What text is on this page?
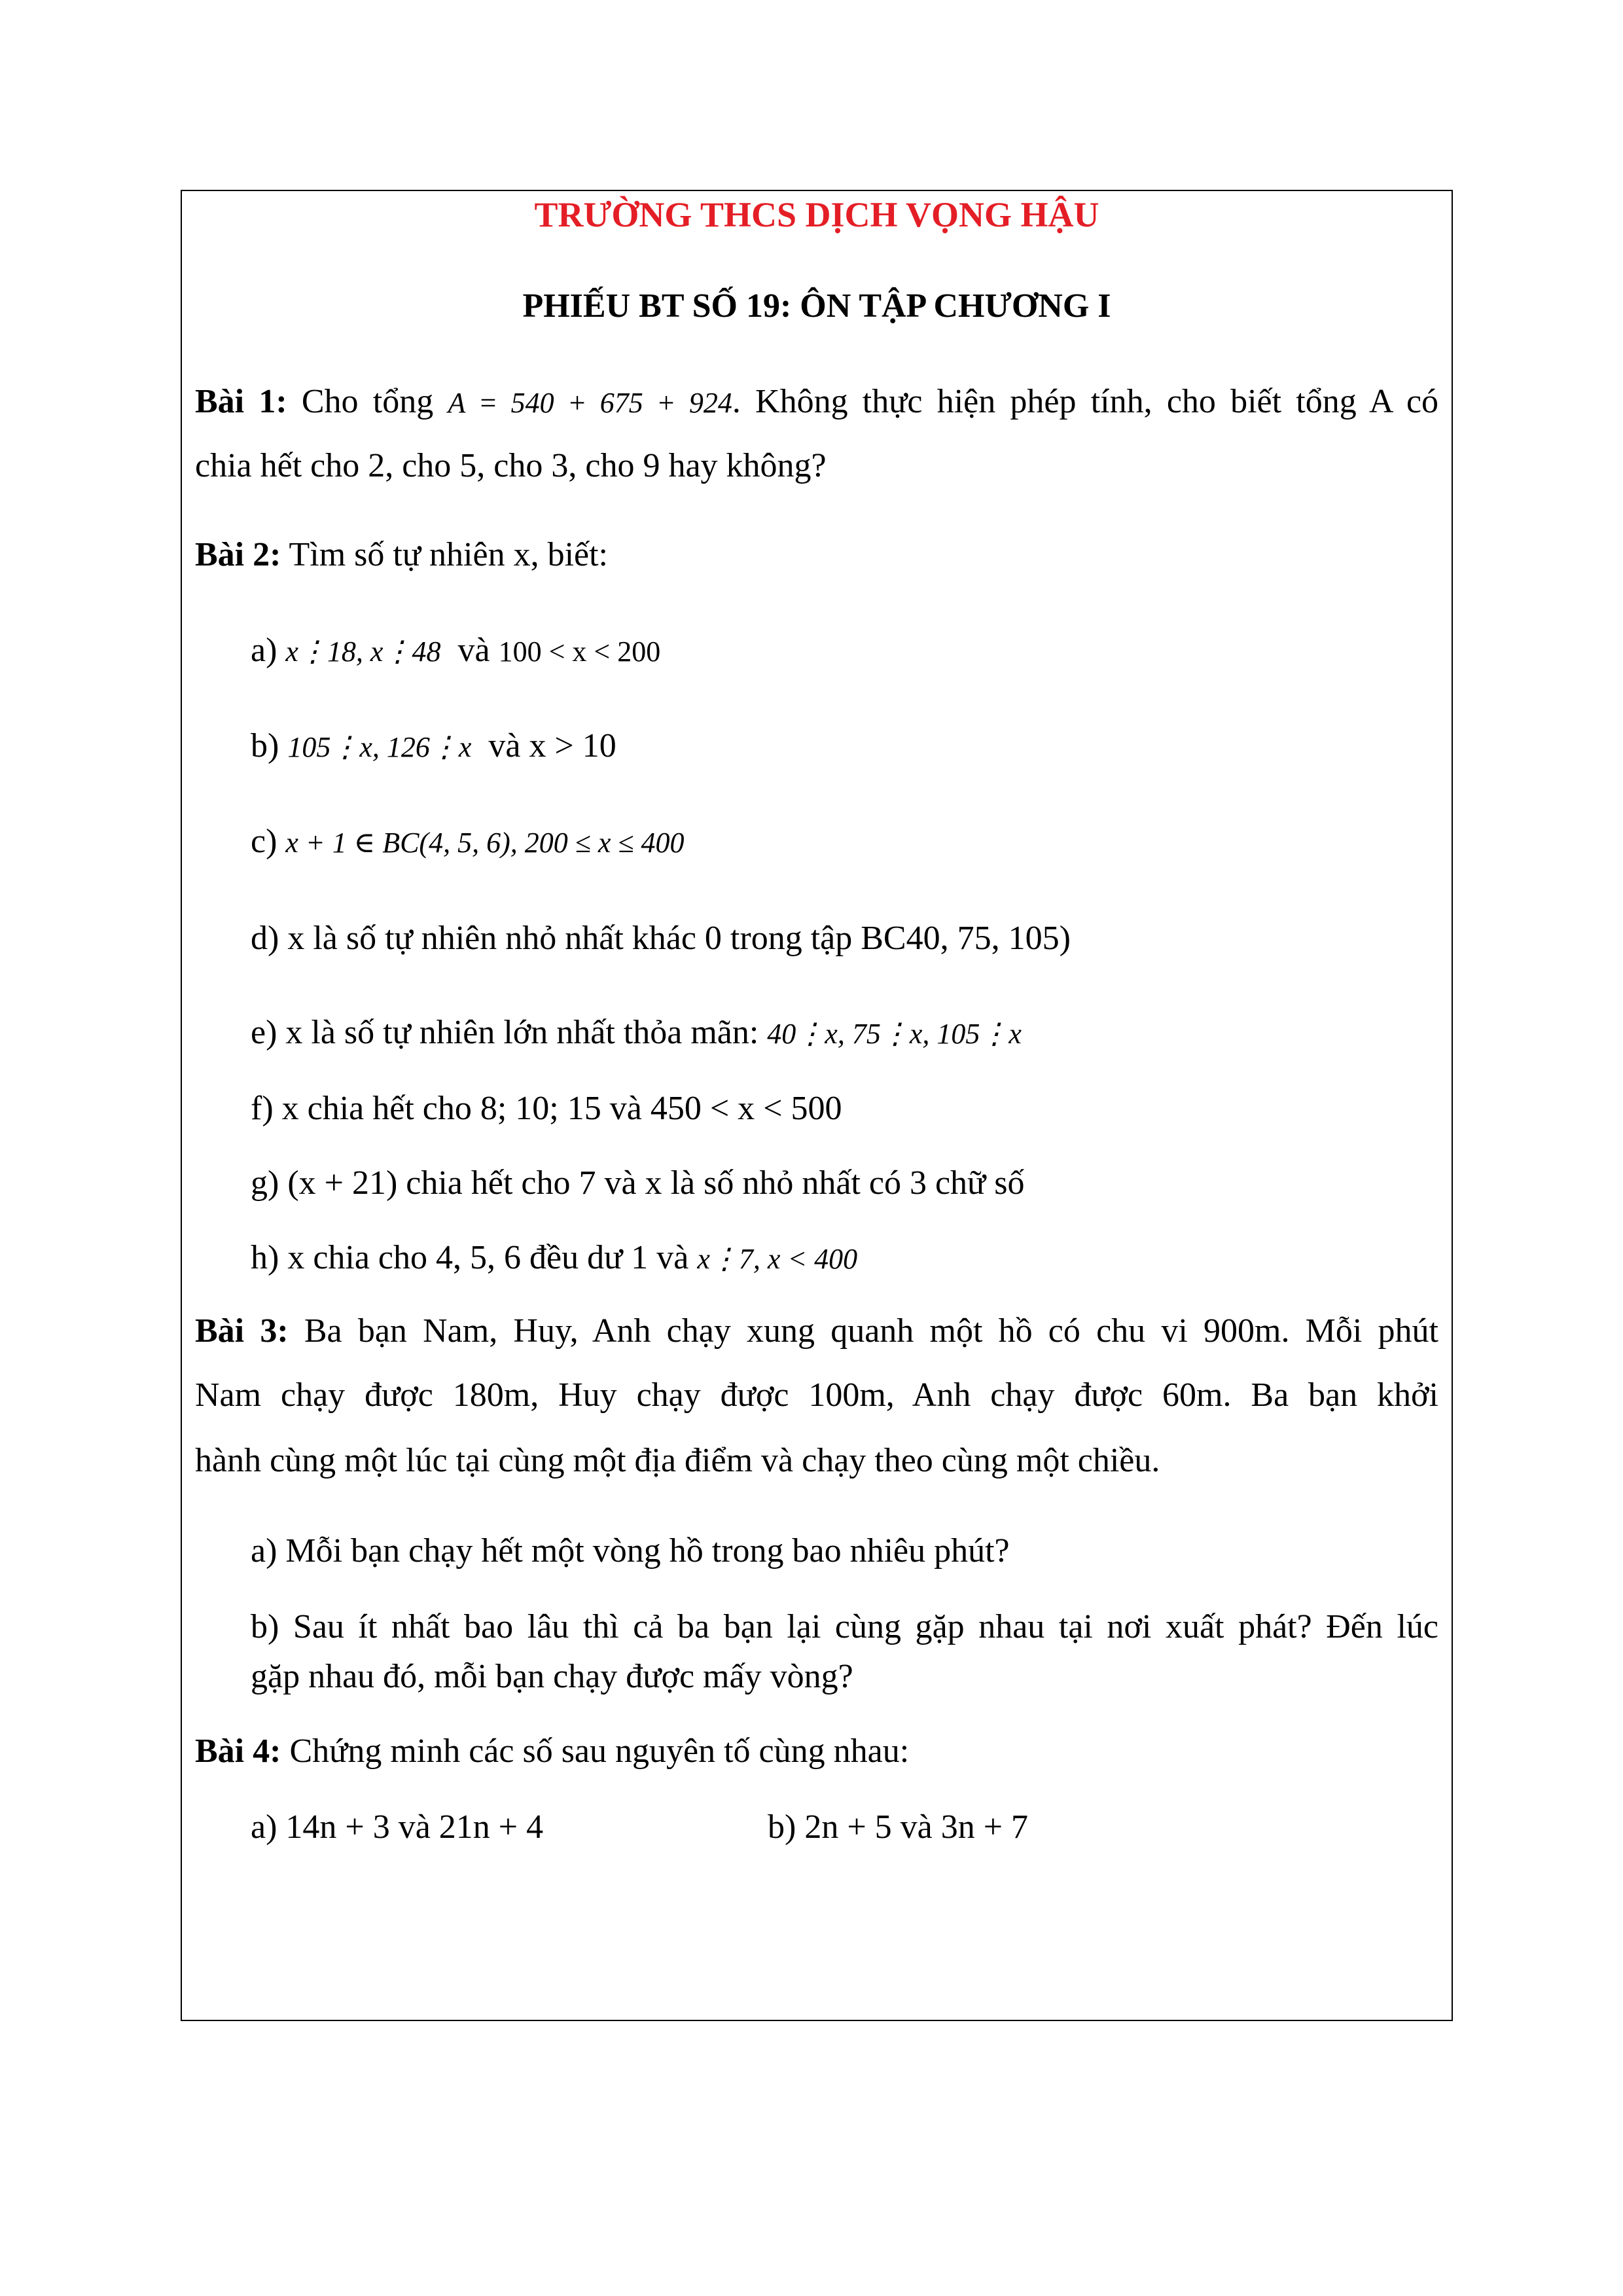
TRƯỜNG THCS DỊCH VỌNG HẬU
PHIẾU BT SỐ 19: ÔN TẬP CHƯƠNG I
Bài 1: Cho tổng A = 540 + 675 + 924. Không thực hiện phép tính, cho biết tổng A có
chia hết cho 2, cho 5, cho 3, cho 9 hay không?
Bài 2: Tìm số tự nhiên x, biết:
a) x⋮18, x⋮48 và 100 < x < 200
b) 105⋮x, 126⋮x và x > 10
c) x + 1 ∈ BC(4, 5, 6), 200 ≤ x ≤ 400
d) x là số tự nhiên nhỏ nhất khác 0 trong tập BC40, 75, 105)
e) x là số tự nhiên lớn nhất thỏa mãn: 40⋮x, 75⋮x, 105⋮x
f) x chia hết cho 8; 10; 15 và 450 < x < 500
g) (x + 21) chia hết cho 7 và x là số nhỏ nhất có 3 chữ số
h) x chia cho 4, 5, 6 đều dư 1 và x⋮7, x < 400
Bài 3: Ba bạn Nam, Huy, Anh chạy xung quanh một hồ có chu vi 900m. Mỗi phút
Nam chạy được 180m, Huy chạy được 100m, Anh chạy được 60m. Ba bạn khởi
hành cùng một lúc tại cùng một địa điểm và chạy theo cùng một chiều.
a) Mỗi bạn chạy hết một vòng hồ trong bao nhiêu phút?
b) Sau ít nhất bao lâu thì cả ba bạn lại cùng gặp nhau tại nơi xuất phát? Đến lúc
gặp nhau đó, mỗi bạn chạy được mấy vòng?
Bài 4: Chứng minh các số sau nguyên tố cùng nhau:
a) 14n + 3 và 21n + 4	b) 2n + 5 và 3n + 7
